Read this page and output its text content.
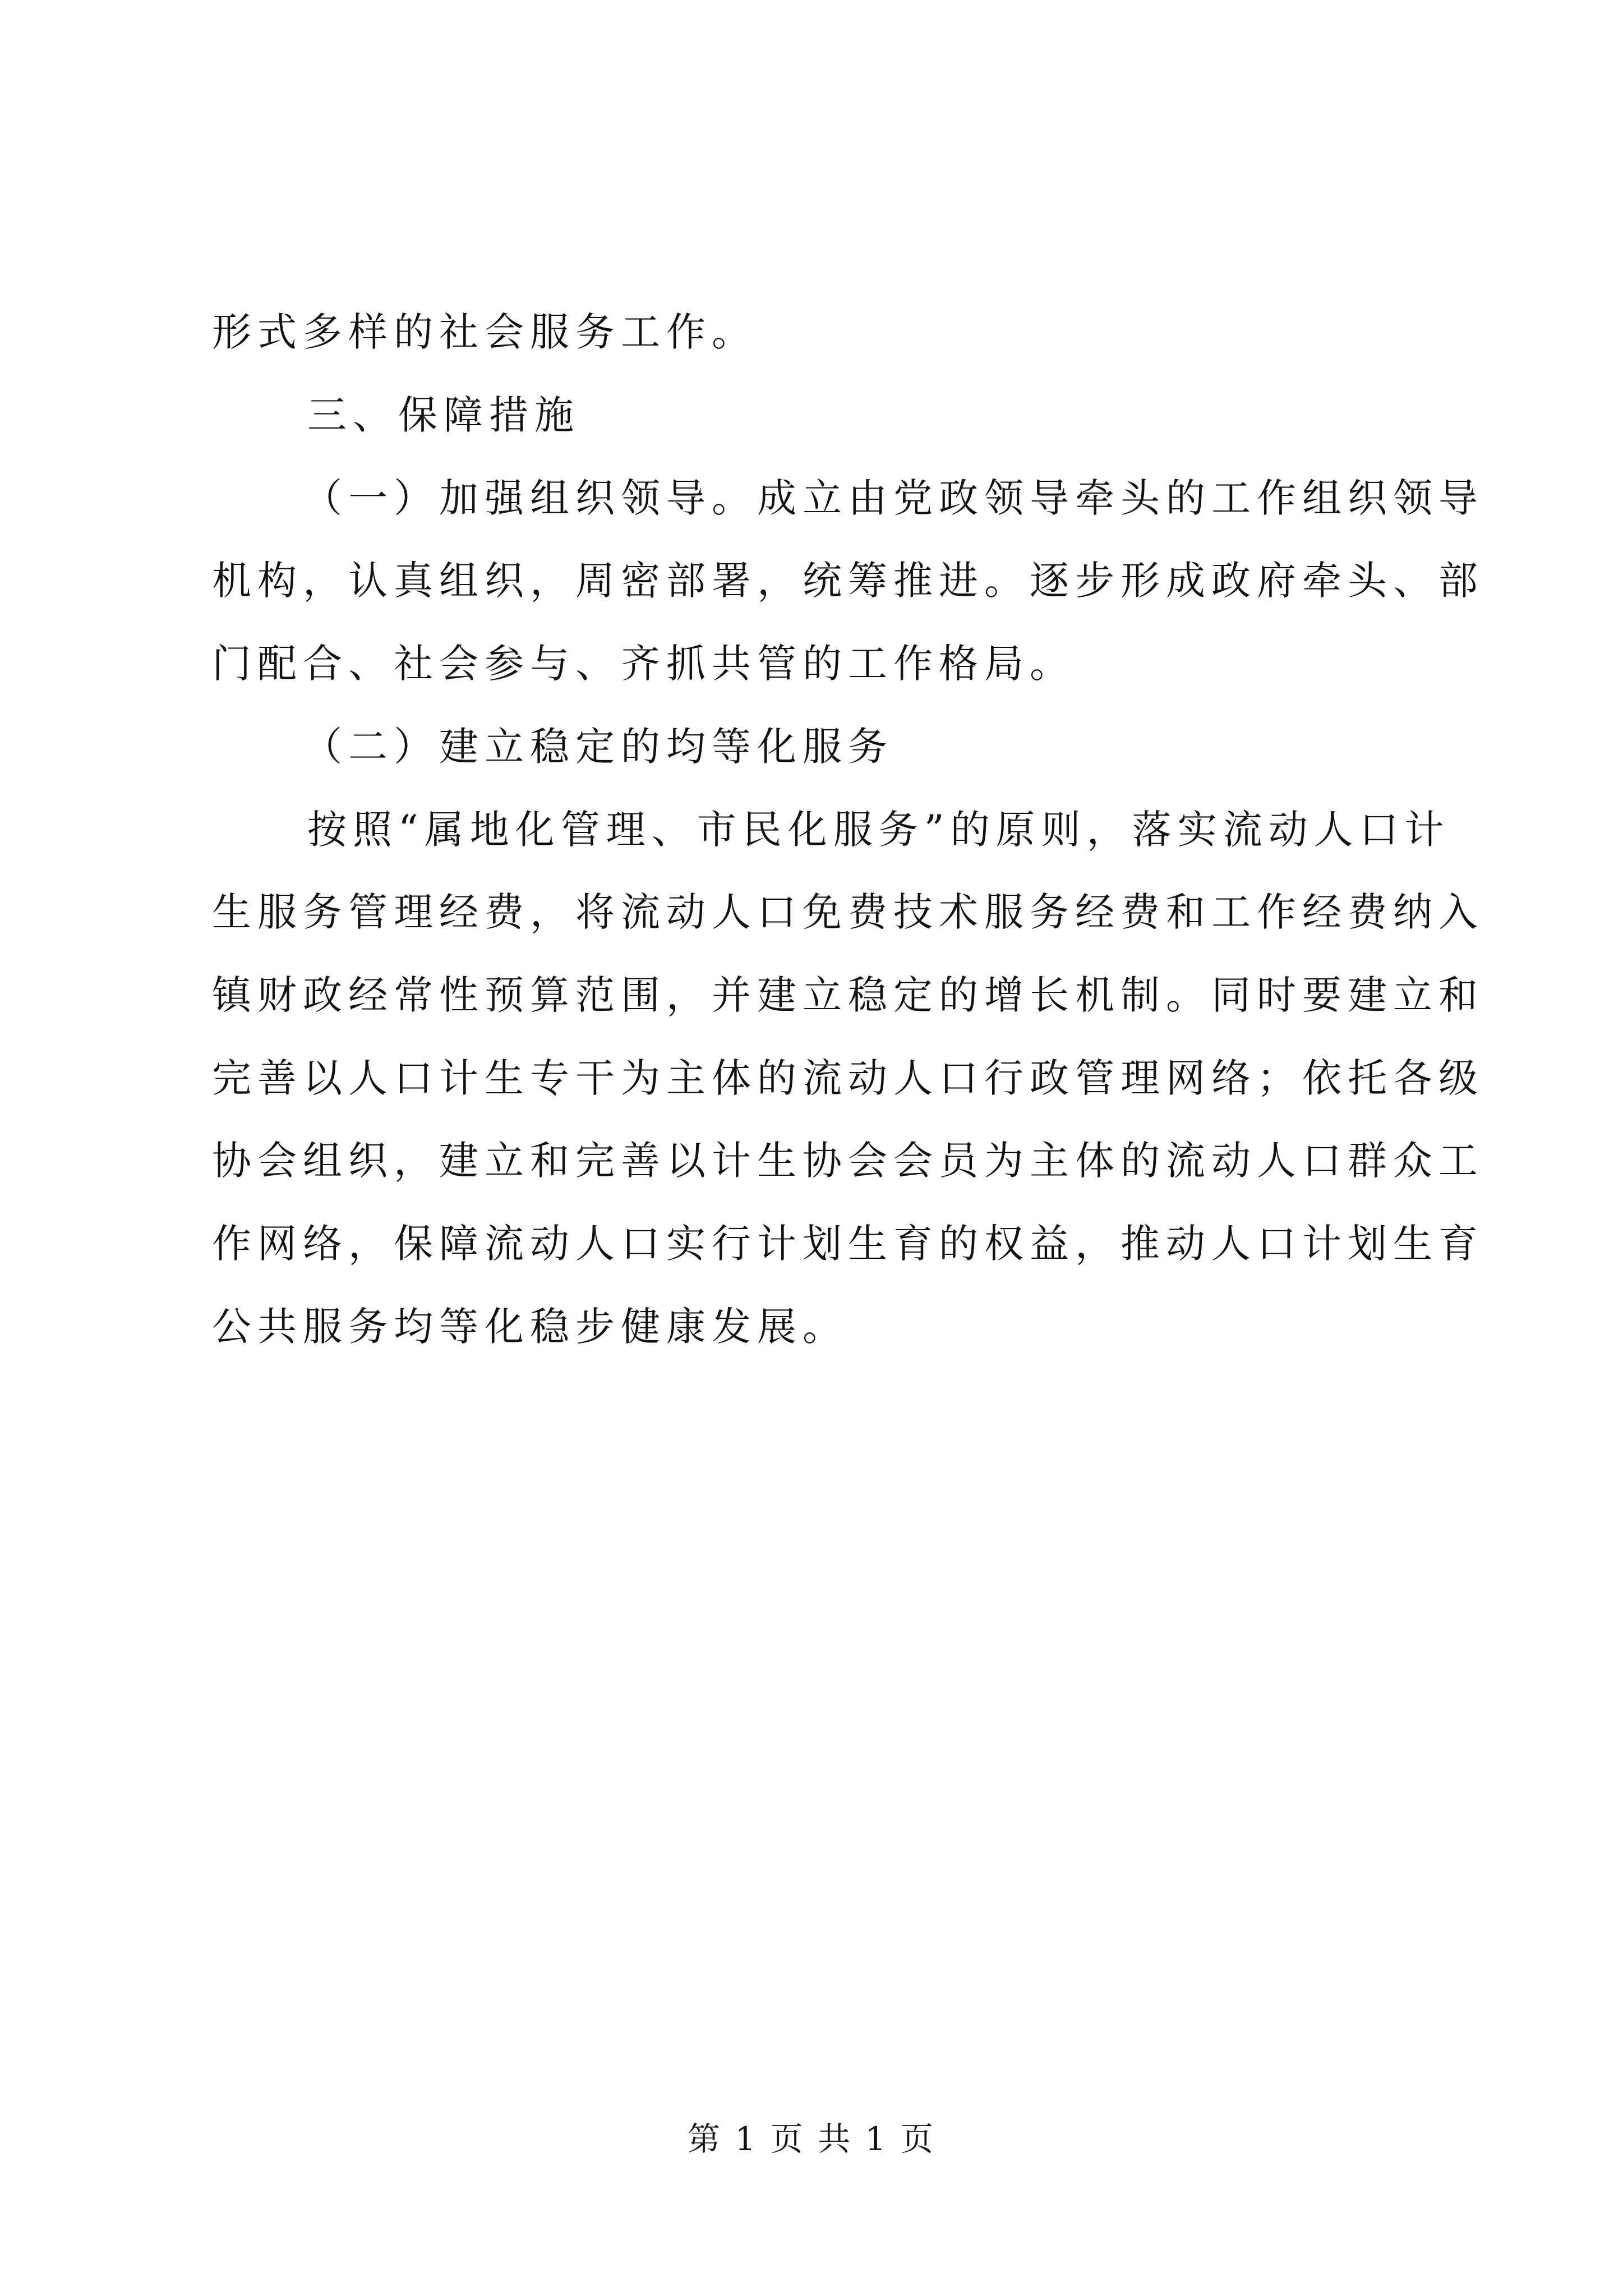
形式多样的社会服务工作。
三、保障措施
（一）加强组织领导。成立由党政领导牵头的工作组织领导
机构，认真组织，周密部署，统筹推进。逐步形成政府牵头、部
门配合、社会参与、齐抓共管的工作格局。
（二）建立稳定的均等化服务
按照“属地化管理、市民化服务”的原则，落实流动人口计
生服务管理经费，将流动人口免费技术服务经费和工作经费纳入
镇财政经常性预算范围，并建立稳定的增长机制。同时要建立和
完善以人口计生专干为主体的流动人口行政管理网络；依托各级
协会组织，建立和完善以计生协会会员为主体的流动人口群众工
作网络，保障流动人口实行计划生育的权益，推动人口计划生育
公共服务均等化稳步健康发展。
第 1 页 共 1 页
